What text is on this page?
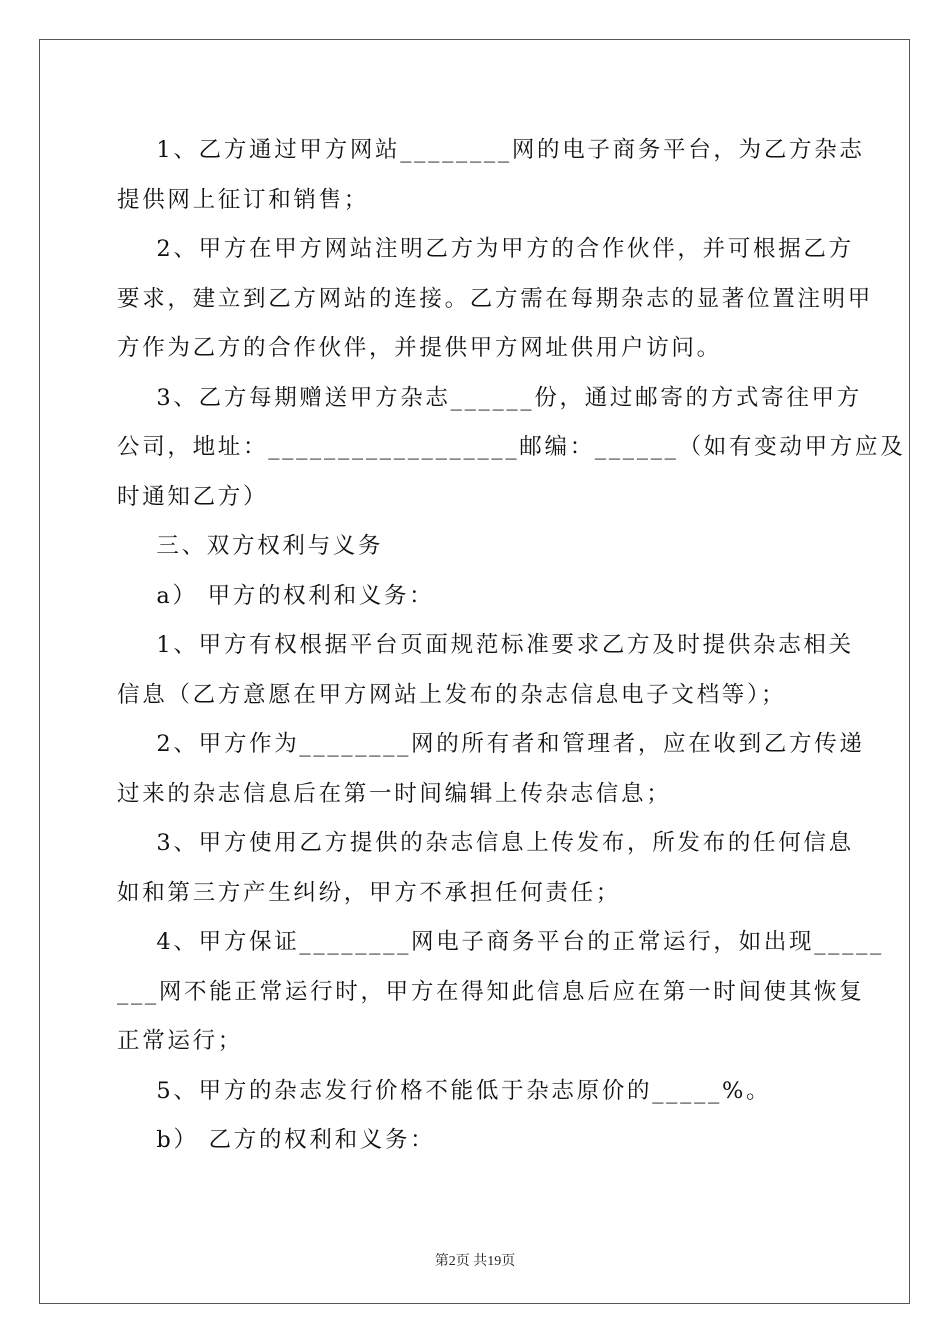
1、乙方通过甲方网站________网的电子商务平台，为乙方杂志
提供网上征订和销售；
2、甲方在甲方网站注明乙方为甲方的合作伙伴，并可根据乙方
要求，建立到乙方网站的连接。乙方需在每期杂志的显著位置注明甲
方作为乙方的合作伙伴，并提供甲方网址供用户访问。
3、乙方每期赠送甲方杂志______份，通过邮寄的方式寄往甲方
公司，地址：__________________邮编：______（如有变动甲方应及
时通知乙方）
三、双方权利与义务
a） 甲方的权利和义务：
1、甲方有权根据平台页面规范标准要求乙方及时提供杂志相关
信息（乙方意愿在甲方网站上发布的杂志信息电子文档等）；
2、甲方作为________网的所有者和管理者，应在收到乙方传递
过来的杂志信息后在第一时间编辑上传杂志信息；
3、甲方使用乙方提供的杂志信息上传发布，所发布的任何信息
如和第三方产生纠纷，甲方不承担任何责任；
4、甲方保证________网电子商务平台的正常运行，如出现_____
___网不能正常运行时，甲方在得知此信息后应在第一时间使其恢复
正常运行；
5、甲方的杂志发行价格不能低于杂志原价的_____%。
b） 乙方的权利和义务：
第2页 共19页
